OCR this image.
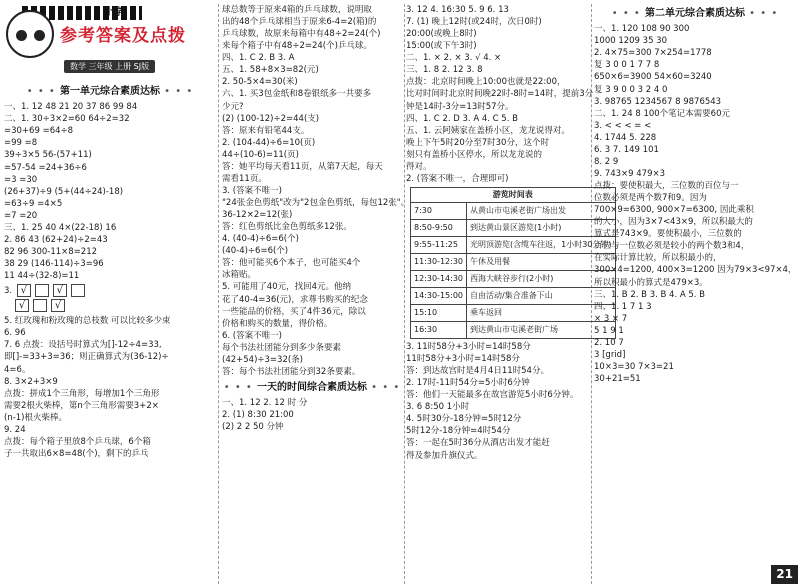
小学
参考答案及点拨
数学 三年级 上册 SJ版
• • • 第一单元综合素质达标 • • •
一、1. 12 48 21 20 37 86 99 84
二、1. 30÷3×2=60 64÷2=32
=30+69 =64÷8
=99 =8
39÷3×5 56-(57+11)
=57-54 =24+36÷6
=3 =30
(26+37)÷9 (5+(44÷24)-18)
=63÷9 =4×5
=7 =20
三、1. 25 40 4×(22-18) 16
2. 86 43 (62+24)÷2=43
82 96 300-11×8=212
38 29 (146-114)÷3=96
11 44÷(32-8)=11
3. √	√
√	√
5. 红玫瑰和粉玫瑰的总枝数 可以比较多少束
6. 96
7. 6 点拨：设括号时算式为[]-12÷4=33,
即[]-=33+3=36；则正确算式为(36-12)÷
4=6。
8. 3×2+3×9
点拨：拼成1个三角形，每增加1个三角形
需要2根火柴棒，第n个三角形需要3+2×
(n-1)根火柴棒。
9. 24
点拨：每个箱子里放8个乒乓球，6个箱
子一共取出6×8=48(个)，剩下的乒乓
球总数等于原来4箱的乒乓球数，说明取
出的48个乒乓球相当于原来6-4=2(箱)的
乒乓球数，故原来每箱中有48÷2=24(个)
来每个箱子中有48÷2=24(个)乒乓球。
四、1. C 2. B 3. A
五、1. 58+8×3=82(元)
2. 50-5×4=30(米)
六、1. 买3包金纸和8卷银纸多一共要多
少元?
(2) (100-12)÷2=44(支)
答：原来有铅笔44支。
2. (104-44)÷6=10(页)
44÷(10-6)=11(页)
答：她平均每天看11页，从第7天起，每天
需看11页。
3. (答案不唯一)
"24张金色剪纸"改为"2包金色剪纸，每包12张"。
36-12×2=12(张)
答：红色剪纸比金色剪纸多12张。
4. (40-4)÷6=6(个)
(40-4)÷6=6(个)
答：他可能买6个本子，也可能买4个
冰箱贴。
5. 可能用了40元，找回4元。他纳
花了40-4=36(元)，求尊书购买的纪念
一些能品的价格，买了4件36元，除以
价格和购买的数量，得价格。
6. (答案不唯一)
每个书法社团能分到多少条要素
(42+54)÷3=32(条)
答：每个书法社团能分到32条要素。
• • • 一天的时间综合素质达标 • • •
一、1. 12 2. 12 时 分
2. (1) 8:30 21:00
(2) 2 2 50 分钟
3. 12 4. 16:30 5. 9 6. 13
7. (1) 晚上12时(或24时，次日0时)
20:00(或晚上8时)
15:00(或下午3时)
二、1. × 2. × 3. √ 4. ×
三、1. 8 2. 12 3. 8
点拨：北京时间晚上10:00也就是22:00，
比对时间时北京时间晚22时-8时=14时，提前3分
钟是14时-3分=13时57分。
四、1. C 2. D 3. A 4. C 5. B
五、1. 云阿姨家在盖桥小区，龙龙说得对。
晚上下午5时20分至7时30分，这个时
刻只有盖桥小区停水，所以龙龙说的
得对。
2. (答案不唯一，合理即可)
游览时间表	
7:30	从黄山市屯溪老街广场出发
8:50-9:50	到达黄山景区游览(1小时)
9:55-11:25	光明顶游览(含缆车往返，1小时30分钟)
11:30-12:30	午休及用餐
12:30-14:30	西海大峡谷步行(2小时)
14:30-15:00	自由活动/集合准备下山
15:10	乘车返回
16:30	到达黄山市屯溪老街广场
3. 11时58分+3小时=14时58分
11时58分+3小时=14时58分
答：到达故宫时是4月4日11时54分。
2. 17时-11时54分=5小时6分钟
答：他们一天能最多在故宫游览5小时6分钟。
3. 6 8:50 1小时
4. 5时30分-18分钟=5时12分
5时12分-18分钟=4时54分
答：一起在5时36分从酒店出发才能赶
得及参加升旗仪式。
• • • 第二单元综合素质达标 • • •
一、1. 120 108 90 300
1000 1209 35 30
2. 4×75=300 7×254=1778
复 3 0 0 1 7 7 8
650×6=3900 54×60=3240
复 3 9 0 0 3 2 4 0
3. 98765 1234567 8 9876543
二、1. 24 8 100个笔记本需要60元
3. < < < = <
4. 1744 5. 228
6. 3 7. 149 101
8. 2 9
9. 743×9 479×3
点拨：要使积最大，三位数的百位与一
位数必须是两个数7和9。因为
700×9=6300, 900×7=6300, 因此乘积
的大小，因为3×7<43×9，所以积最大的
算式是743×9。要使积最小，三位数的
百位与一位数必须是较小的两个数3和4，
在实际计算比较，所以积最小的，
300×4=1200, 400×3=1200 因为79×3<97×4，
所以积最小的算式是479×3。
三、1. B 2. B 3. B 4. A 5. B
四、1. 1 7 1 3
× 3 × 7
5 1 9 1
2. 10 7
3 [grid]
10×3=30 7×3=21
30+21=51
21
